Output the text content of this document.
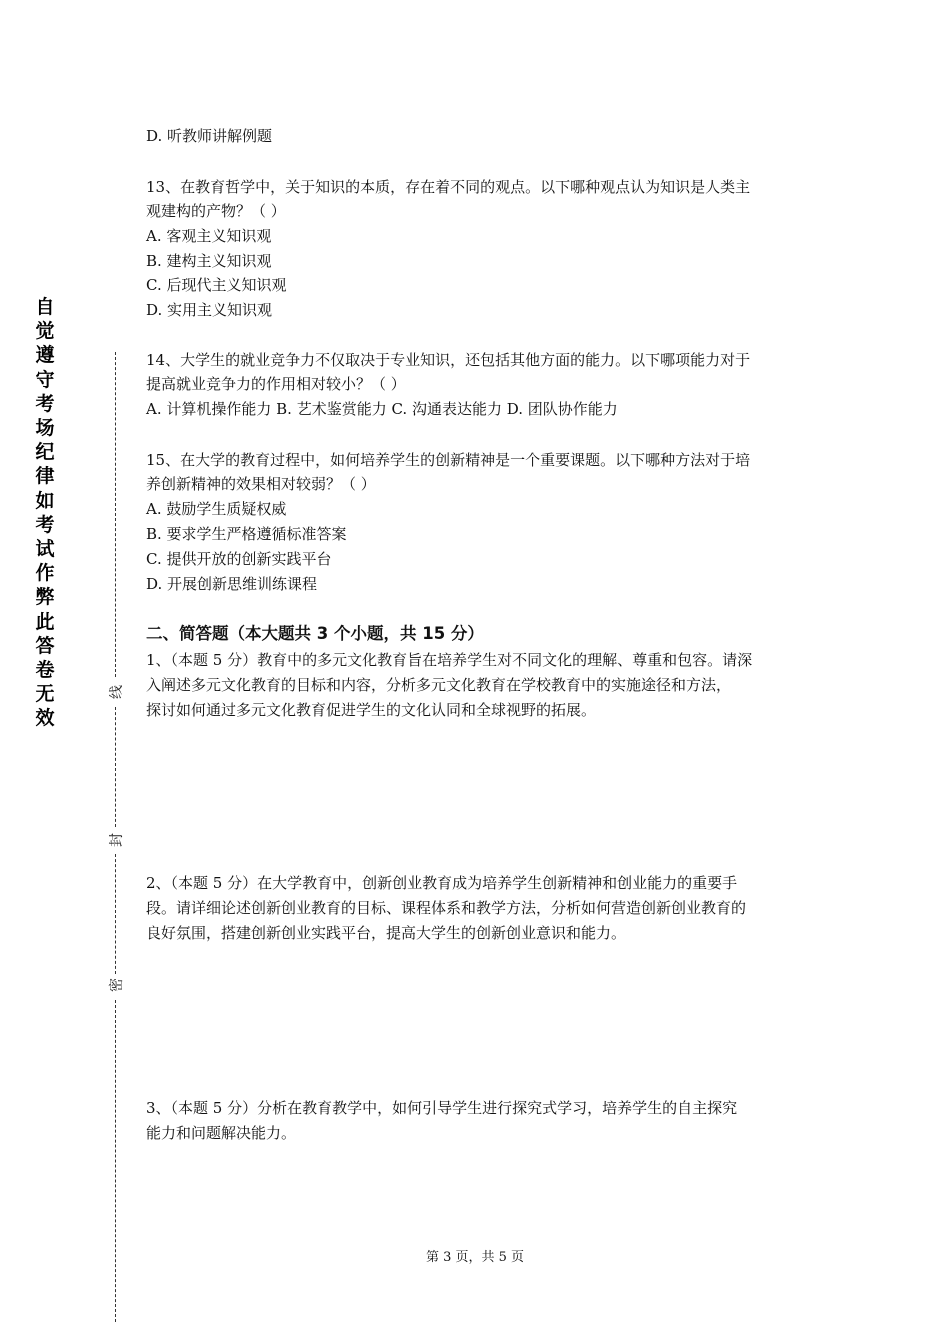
自
觉
遵
守
考
场
纪
律
如
考
试
作
弊
此
答
卷
无
效
线
封
密

D. 听教师讲解例题

13、在教育哲学中，关于知识的本质，存在着不同的观点。以下哪种观点认为知识是人类主

观建构的产物？（ ）

A. 客观主义知识观

B. 建构主义知识观

C. 后现代主义知识观

D. 实用主义知识观

14、大学生的就业竞争力不仅取决于专业知识，还包括其他方面的能力。以下哪项能力对于

提高就业竞争力的作用相对较小？（ ）

A. 计算机操作能力 B. 艺术鉴赏能力 C. 沟通表达能力 D. 团队协作能力

15、在大学的教育过程中，如何培养学生的创新精神是一个重要课题。以下哪种方法对于培

养创新精神的效果相对较弱？（ ）

A. 鼓励学生质疑权威

B. 要求学生严格遵循标准答案

C. 提供开放的创新实践平台

D. 开展创新思维训练课程

二、简答题（本大题共 3 个小题，共 15 分）

1、（本题 5 分）教育中的多元文化教育旨在培养学生对不同文化的理解、尊重和包容。请深

入阐述多元文化教育的目标和内容，分析多元文化教育在学校教育中的实施途径和方法，

探讨如何通过多元文化教育促进学生的文化认同和全球视野的拓展。

2、（本题 5 分）在大学教育中，创新创业教育成为培养学生创新精神和创业能力的重要手

段。请详细论述创新创业教育的目标、课程体系和教学方法，分析如何营造创新创业教育的

良好氛围，搭建创新创业实践平台，提高大学生的创新创业意识和能力。

3、（本题 5 分）分析在教育教学中，如何引导学生进行探究式学习，培养学生的自主探究

能力和问题解决能力。

第 3 页，共 5 页
